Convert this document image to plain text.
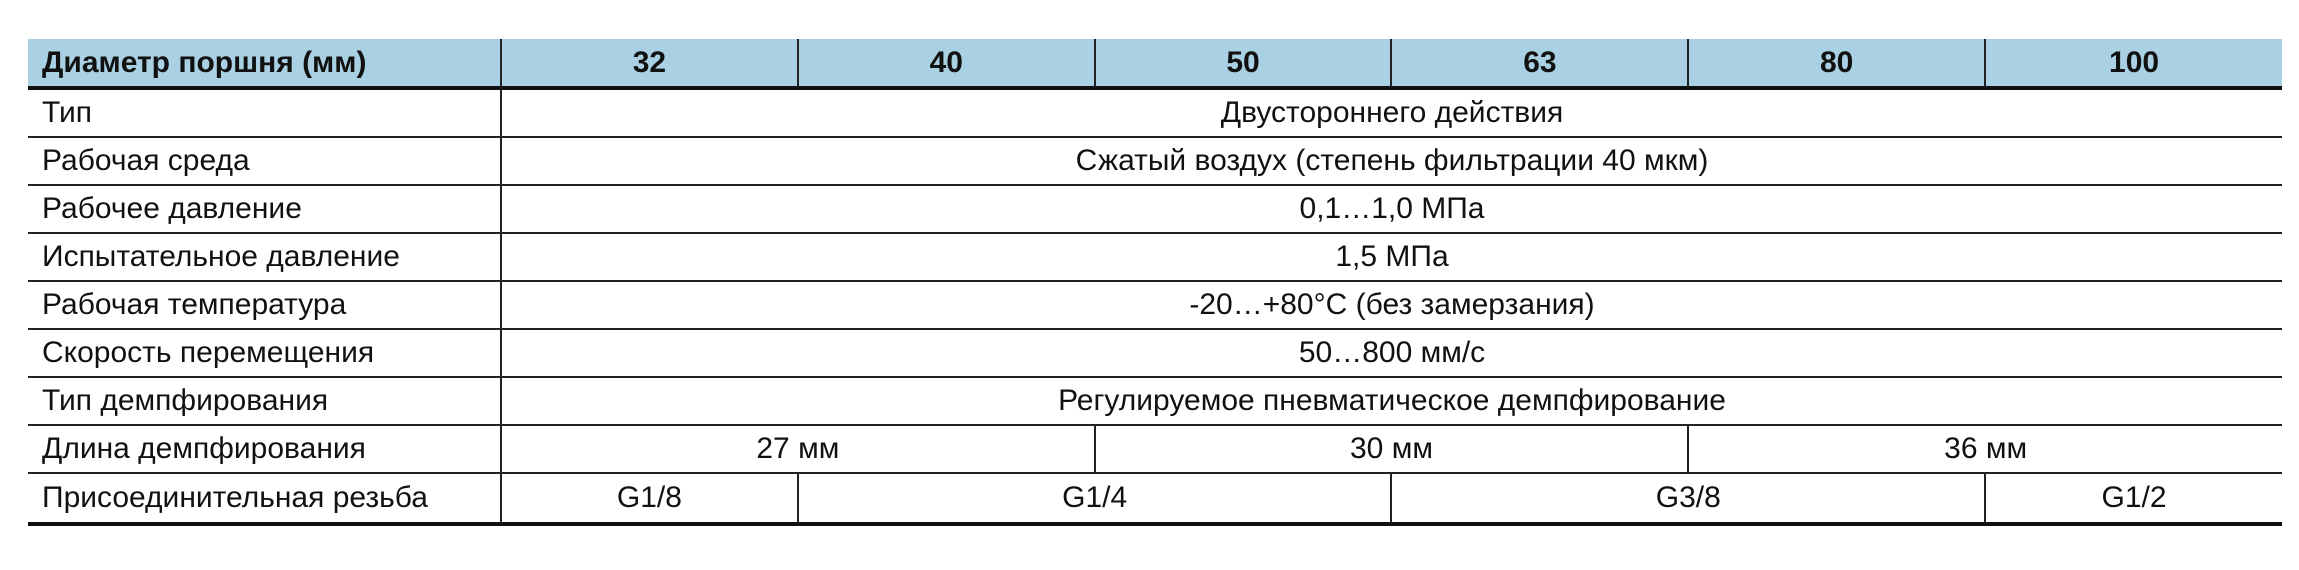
Диаметр поршня (мм)	32	40	50	63	80	100
Тип	Двустороннего действия					
Рабочая среда	Сжатый воздух (степень фильтрации 40 мкм)					
Рабочее давление	0,1…1,0 МПа					
Испытательное давление	1,5 МПа					
Рабочая температура	-20…+80°C (без замерзания)					
Скорость перемещения	50…800 мм/с					
Тип демпфирования	Регулируемое пневматическое демпфирование					
Длина демпфирования	27 мм		30 мм		36 мм	
Присоединительная резьба	G1/8	G1/4		G3/8		G1/2
